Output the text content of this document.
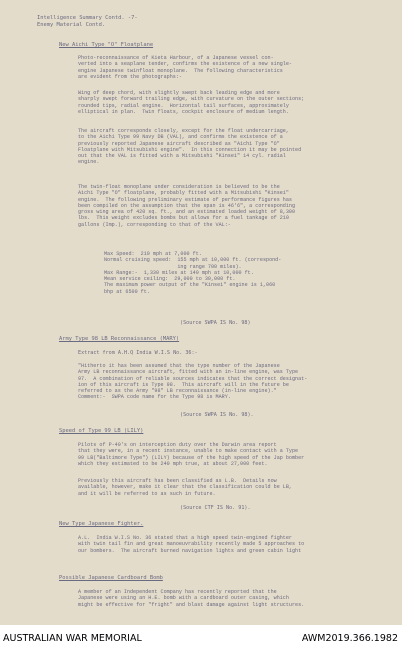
Intelligence Summary Contd. -7-
Enemy Material Contd.
New Aichi Type "O" Floatplane
Photo-reconnaissance of Kieta Harbour, of a Japanese vessel con-
verted into a seaplane tender, confirms the existence of a new single-
engine Japanese twinfloat monoplane.  The following characteristics
are evident from the photographs:-
Wing of deep chord, with slightly swept back leading edge and more
sharply swept forward trailing edge, with curvature on the outer sections;
rounded tips, radial engine.  Horizontal tail surfaces, approximately
elliptical in plan.  Twin floats, cockpit enclosure of medium length.
The aircraft corresponds closely, except for the float undercarriage,
to the Aichi Type 99 Navy DB (VAL), and confirms the existence of a
previously reported Japanese aircraft described as "Aichi Type "O"
Floatplane with Mitsubishi engine".  In this connection it may be pointed
out that the VAL is fitted with a Mitsubishi "Kinsei" 14 cyl. radial
engine.
The twin-float monoplane under consideration is believed to be the
Aichi Type "O" floatplane, probably fitted with a Mitsubishi "Kinsei"
engine.  The following preliminary estimate of performance figures has
been compiled on the assumption that the span is 46'6", a corresponding
gross wing area of 420 sq. ft., and an estimated loaded weight of 8,300
lbs.  This weight excludes bombs but allows for a fuel tankage of 210
gallons (Imp.), corresponding to that of the VAL:-
Max Speed:  210 mph at 7,000 ft.
Normal cruising speed:  155 mph at 10,000 ft. (correspond-
ing range 700 miles).
Max Range:-  1,330 miles at 140 mph at 10,000 ft.
Mean service ceiling:  29,000 to 30,000 ft.
The maximum power output of the "Kinsei" engine is 1,060
bhp at 6500 ft.
(Source SWPA IS No. 98)
Army Type 98 LB Reconnaissance (MARY)
Extract from A.H.Q India W.I.S No. 36:-
"Hitherto it has been assumed that the type number of the Japanese
Army LB reconnaissance aircraft, fitted with an in-line engine, was Type
97.  A combination of reliable sources indicates that the correct designat-
ion of this aircraft is Type 98.  This aircraft will in the future be
referred to as the Army "98" LB reconnaissance (in-line engine)."
Comment:-  SWPA code name for the Type 98 is MARY.
(Source SWPA IS No. 98).
Speed of Type 99 LB (LILY)
Pilots of P-40's on interception duty over the Darwin area report
that they were, in a recent instance, unable to make contact with a Type
99 LB("Baltimore Type") (LILY) because of the high speed of the Jap bomber
which they estimated to be 240 mph true, at about 27,000 feet.
Previously this aircraft has been classified as L.B.  Details now
available, however, make it clear that the classification could be LB,
and it will be referred to as such in future.
(Source CTF IS No. 91).
New Type Japanese Fighter.
A.L.  India W.I.S No. 36 stated that a high speed twin-engined fighter
with twin tail fin and great manoeuvrability recently made 5 approaches to
our bombers.  The aircraft burned navigation lights and green cabin light
Possible Japanese Cardboard Bomb
A member of an Independent Company has recently reported that the
Japanese were using an H.E. bomb with a cardboard outer casing, which
might be effective for "fright" and blast damage against light structures.
AUSTRALIAN WAR MEMORIAL	AWM2019.366.1982
